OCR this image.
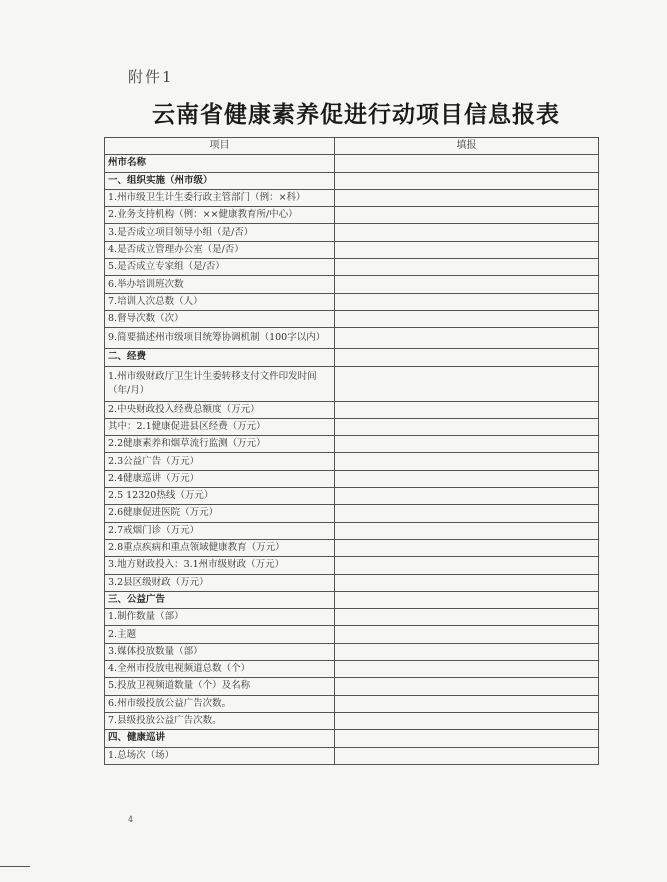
附件1
云南省健康素养促进行动项目信息报表
项目	填报
州市名称	
一、组织实施（州市级）	
1.州市级卫生计生委行政主管部门（例：×科）	
2.业务支持机构（例：××健康教育所/中心）	
3.是否成立项目领导小组（是/否）	
4.是否成立管理办公室（是/否）	
5.是否成立专家组（是/否）	
6.举办培训班次数	
7.培训人次总数（人）	
8.督导次数（次）	
9.简要描述州市级项目统筹协调机制（100字以内）	
二、经费	
1.州市级财政厅卫生计生委转移支付文件印发时间（年/月）	
2.中央财政投入经费总额度（万元）	
其中：2.1健康促进县区经费（万元）	
2.2健康素养和烟草流行监测（万元）	
2.3公益广告（万元）	
2.4健康巡讲（万元）	
2.5 12320热线（万元）	
2.6健康促进医院（万元）	
2.7戒烟门诊（万元）	
2.8重点疾病和重点领域健康教育（万元）	
3.地方财政投入：3.1州市级财政（万元）	
3.2县区级财政（万元）	
三、公益广告	
1.制作数量（部）	
2.主题	
3.媒体投放数量（部）	
4.全州市投放电视频道总数（个）	
5.投放卫视频道数量（个）及名称	
6.州市级投放公益广告次数。	
7.县级投放公益广告次数。	
四、健康巡讲	
1.总场次（场）	
4
